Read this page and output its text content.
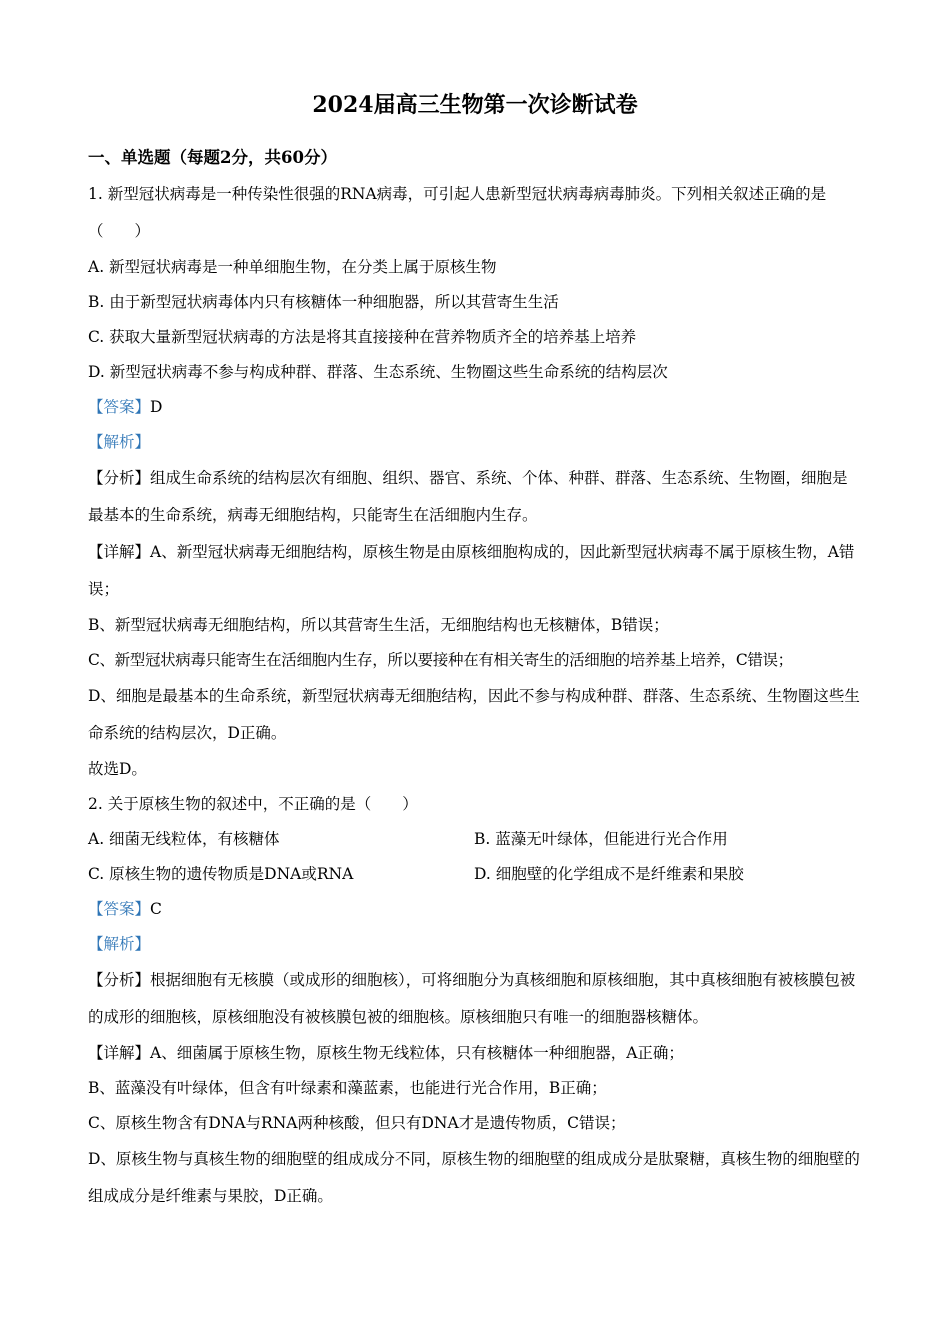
2024届高三生物第一次诊断试卷
一、单选题（每题2分，共60分）

1. 新型冠状病毒是一种传染性很强的RNA病毒，可引起人患新型冠状病毒病毒肺炎。下列相关叙述正确的是（　　）

A. 新型冠状病毒是一种单细胞生物，在分类上属于原核生物

B. 由于新型冠状病毒体内只有核糖体一种细胞器，所以其营寄生生活

C. 获取大量新型冠状病毒的方法是将其直接接种在营养物质齐全的培养基上培养

D. 新型冠状病毒不参与构成种群、群落、生态系统、生物圈这些生命系统的结构层次

【答案】D

【解析】

【分析】组成生命系统的结构层次有细胞、组织、器官、系统、个体、种群、群落、生态系统、生物圈，细胞是最基本的生命系统，病毒无细胞结构，只能寄生在活细胞内生存。

【详解】A、新型冠状病毒无细胞结构，原核生物是由原核细胞构成的，因此新型冠状病毒不属于原核生物，A错误；

B、新型冠状病毒无细胞结构，所以其营寄生生活，无细胞结构也无核糖体，B错误；

C、新型冠状病毒只能寄生在活细胞内生存，所以要接种在有相关寄生的活细胞的培养基上培养，C错误；

D、细胞是最基本的生命系统，新型冠状病毒无细胞结构，因此不参与构成种群、群落、生态系统、生物圈这些生命系统的结构层次，D正确。

故选D。

2. 关于原核生物的叙述中，不正确的是（　　）

A. 细菌无线粒体，有核糖体	B. 蓝藻无叶绿体，但能进行光合作用

C. 原核生物的遗传物质是DNA或RNA	D. 细胞壁的化学组成不是纤维素和果胶

【答案】C

【解析】

【分析】根据细胞有无核膜（或成形的细胞核），可将细胞分为真核细胞和原核细胞，其中真核细胞有被核膜包被的成形的细胞核，原核细胞没有被核膜包被的细胞核。原核细胞只有唯一的细胞器核糖体。

【详解】A、细菌属于原核生物，原核生物无线粒体，只有核糖体一种细胞器，A正确；

B、蓝藻没有叶绿体，但含有叶绿素和藻蓝素，也能进行光合作用，B正确；

C、原核生物含有DNA与RNA两种核酸，但只有DNA才是遗传物质，C错误；

D、原核生物与真核生物的细胞壁的组成成分不同，原核生物的细胞壁的组成成分是肽聚糖，真核生物的细胞壁的组成成分是纤维素与果胶，D正确。
